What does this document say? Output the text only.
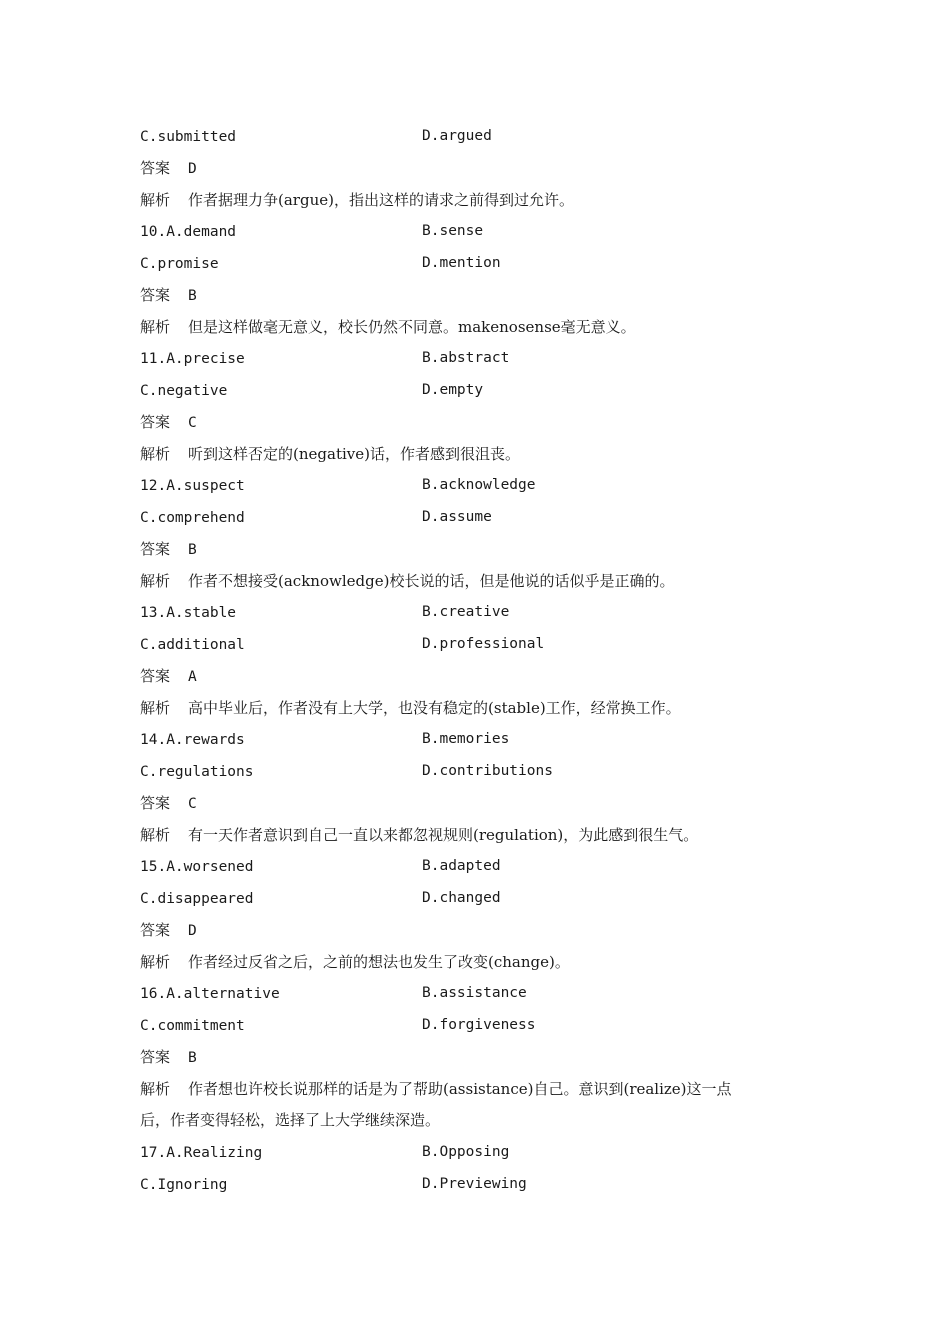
C.submitted	D.argued
答案 D
解析 作者据理力争(argue)，指出这样的请求之前得到过允许。
10.A.demand	B.sense
C.promise	D.mention
答案 B
解析 但是这样做毫无意义，校长仍然不同意。makenosense毫无意义。
11.A.precise	B.abstract
C.negative	D.empty
答案 C
解析 听到这样否定的(negative)话，作者感到很沮丧。
12.A.suspect	B.acknowledge
C.comprehend	D.assume
答案 B
解析 作者不想接受(acknowledge)校长说的话，但是他说的话似乎是正确的。
13.A.stable	B.creative
C.additional	D.professional
答案 A
解析 高中毕业后，作者没有上大学，也没有稳定的(stable)工作，经常换工作。
14.A.rewards	B.memories
C.regulations	D.contributions
答案 C
解析 有一天作者意识到自己一直以来都忽视规则(regulation)，为此感到很生气。
15.A.worsened	B.adapted
C.disappeared	D.changed
答案 D
解析 作者经过反省之后，之前的想法也发生了改变(change)。
16.A.alternative	B.assistance
C.commitment	D.forgiveness
答案 B
解析 作者想也许校长说那样的话是为了帮助(assistance)自己。意识到(realize)这一点
后，作者变得轻松，选择了上大学继续深造。
17.A.Realizing	B.Opposing
C.Ignoring	D.Previewing
